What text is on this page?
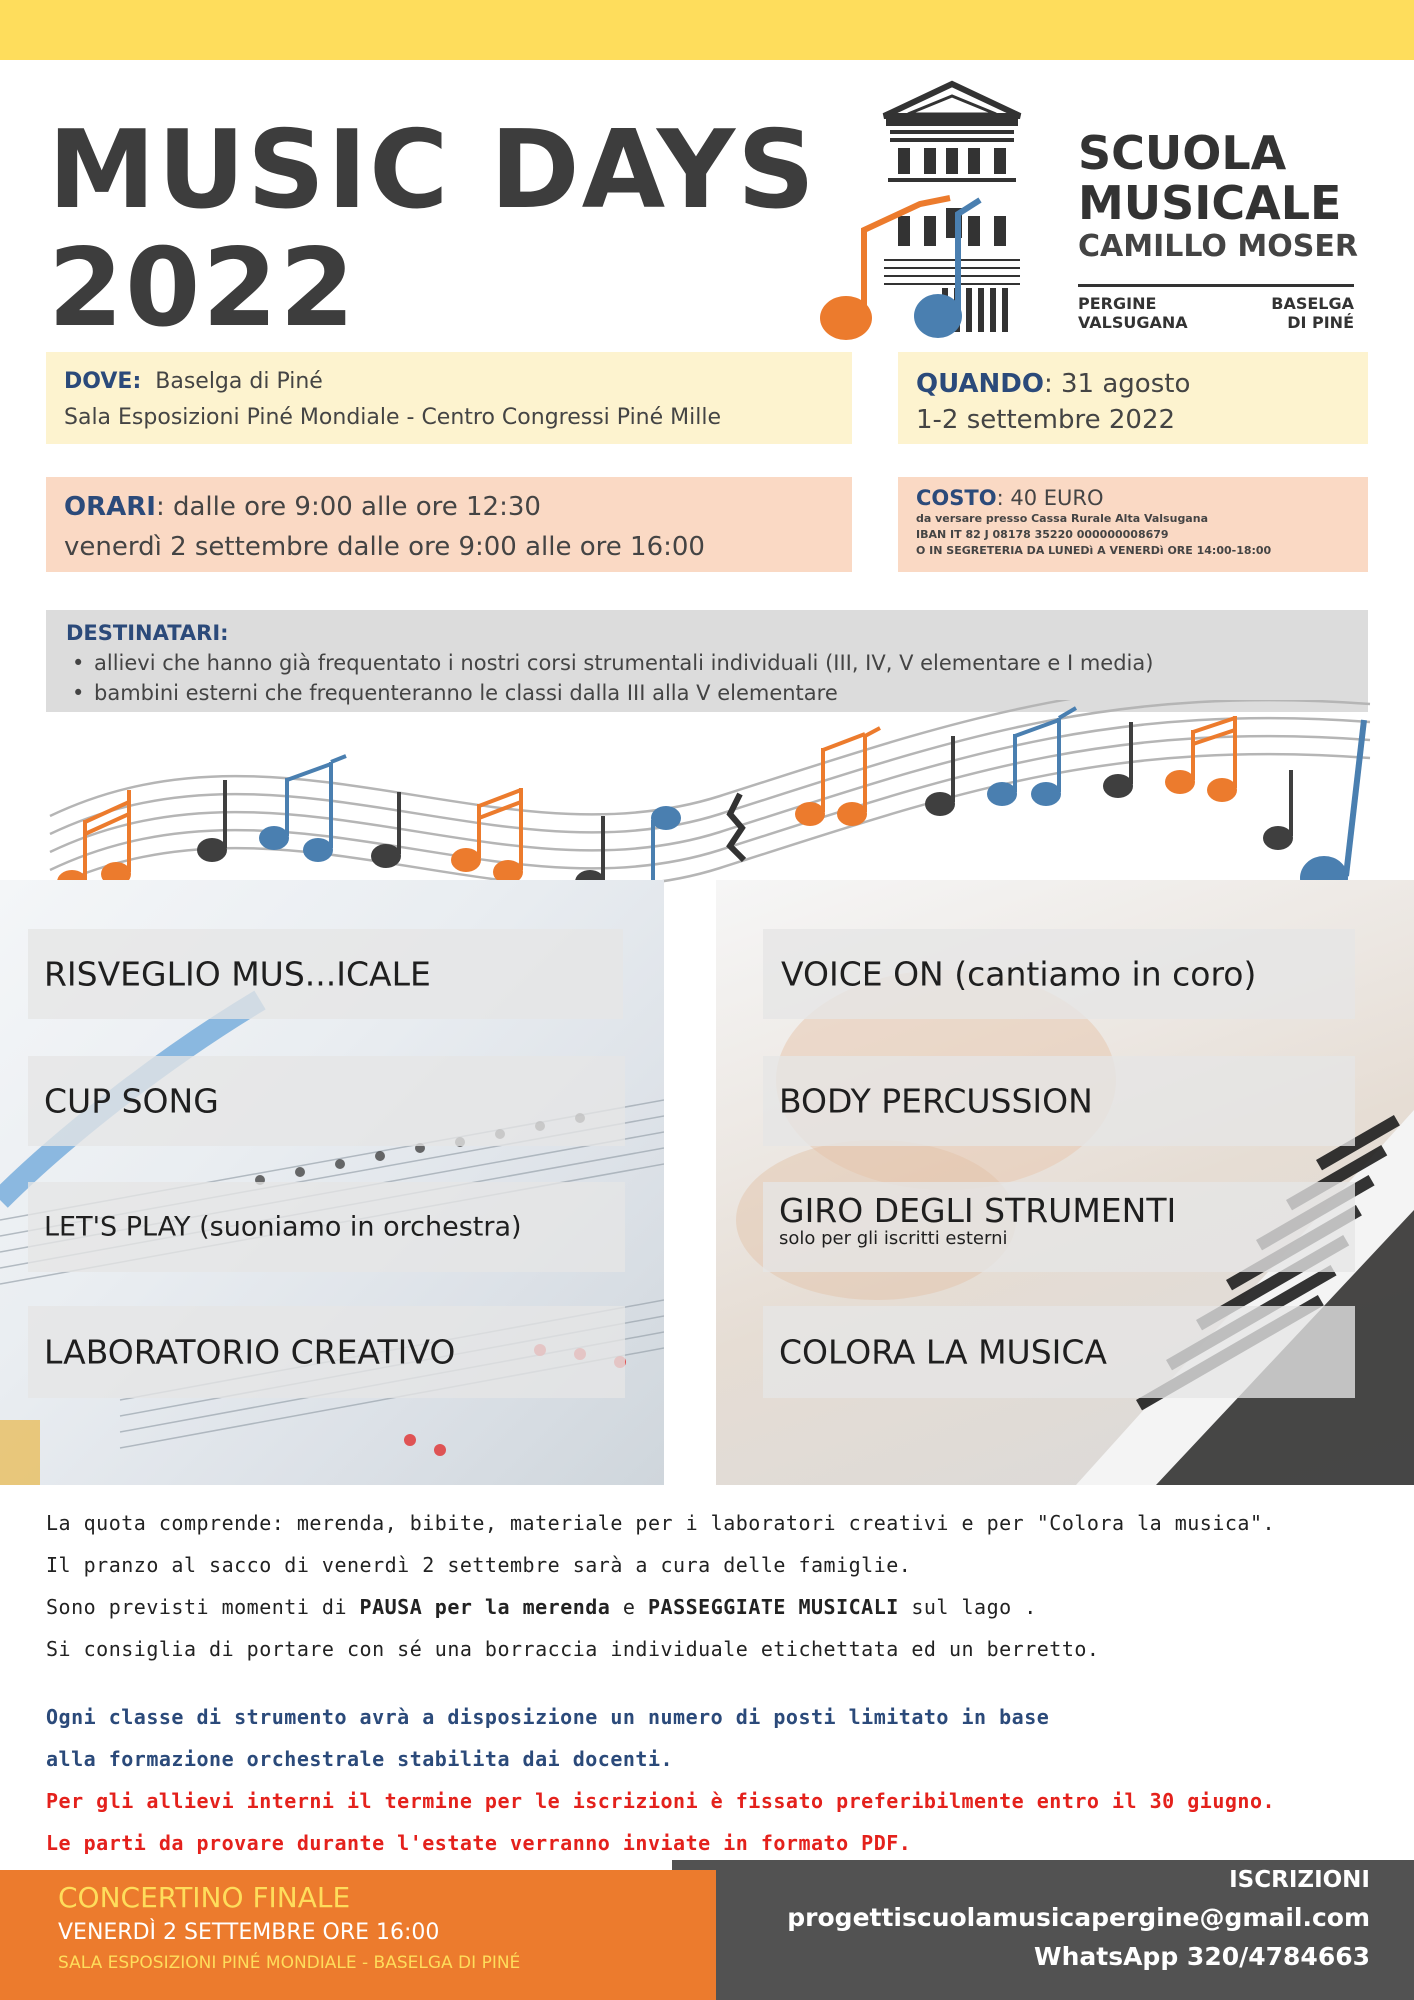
MUSIC DAYS
2022
SCUOLA
MUSICALE
CAMILLO MOSER
PERGINE
VALSUGANA
BASELGA
DI PINÉ
DOVE: Baselga di Piné
Sala Esposizioni Piné Mondiale - Centro Congressi Piné Mille
QUANDO: 31 agosto
1-2 settembre 2022
ORARI: dalle ore 9:00 alle ore 12:30
venerdì 2 settembre dalle ore 9:00 alle ore 16:00
COSTO: 40 EURO
da versare presso Cassa Rurale Alta Valsugana
IBAN IT 82 J 08178 35220 000000008679
O IN SEGRETERIA DA LUNEDì A VENERDì ORE 14:00-18:00
DESTINATARI:
• allievi che hanno già frequentato i nostri corsi strumentali individuali (III, IV, V elementare e I media)
• bambini esterni che frequenteranno le classi dalla III alla V elementare
RISVEGLIO MUS...ICALE
CUP SONG
LET'S PLAY (suoniamo in orchestra)
LABORATORIO CREATIVO
VOICE ON (cantiamo in coro)
BODY PERCUSSION
GIRO DEGLI STRUMENTI
solo per gli iscritti esterni
COLORA LA MUSICA
La quota comprende: merenda, bibite, materiale per i laboratori creativi e per "Colora la musica".
Il pranzo al sacco di venerdì 2 settembre sarà a cura delle famiglie.
Sono previsti momenti di PAUSA per la merenda e PASSEGGIATE MUSICALI sul lago .
Si consiglia di portare con sé una borraccia individuale etichettata ed un berretto.
Ogni classe di strumento avrà a disposizione un numero di posti limitato in base
alla formazione orchestrale stabilita dai docenti.
Per gli allievi interni il termine per le iscrizioni è fissato preferibilmente entro il 30 giugno.
Le parti da provare durante l'estate verranno inviate in formato PDF.
ISCRIZIONI
progettiscuolamusicapergine@gmail.com
WhatsApp 320/4784663
CONCERTINO FINALE
VENERDÌ 2 SETTEMBRE ORE 16:00
SALA ESPOSIZIONI PINÉ MONDIALE - BASELGA DI PINÉ
